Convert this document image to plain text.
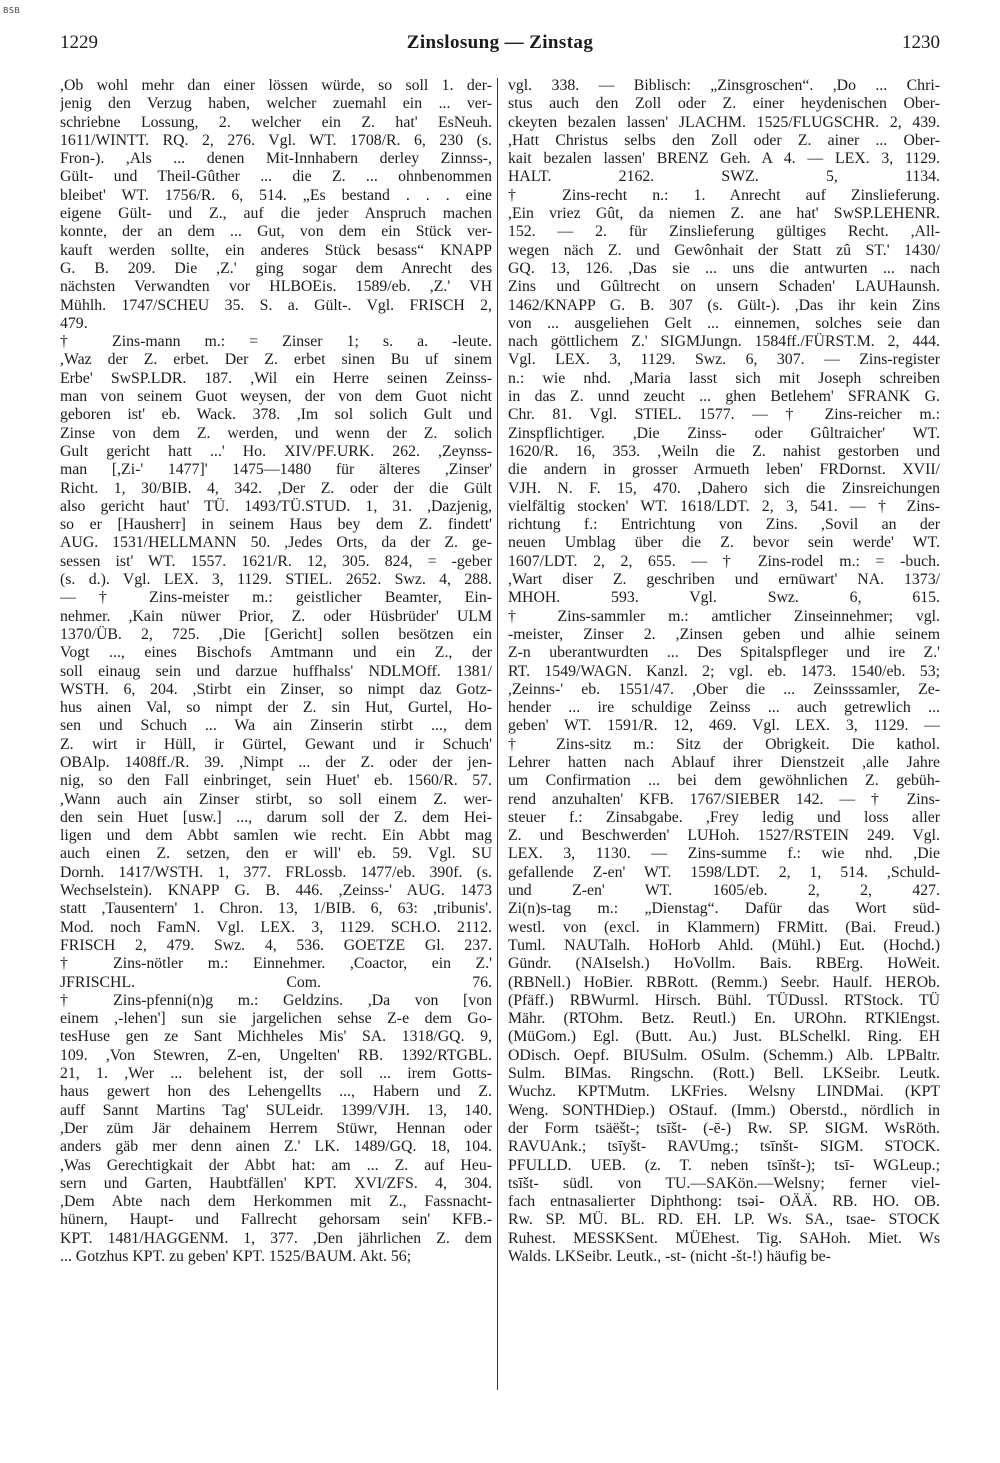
BSB
Zinslosung — Zinstag
1229	1230
,Ob wohl mehr dan einer lössen würde, so soll 1. der-
jenig den Verzug haben, welcher zuemahl ein ... ver-
schriebne Lossung, 2. welcher ein Z. hat' EsNeuh.
1611/WINTT. RQ. 2, 276. Vgl. WT. 1708/R. 6, 230 (s.
Fron-). ,Als ... denen Mit-Innhabern derley Zinnss-,
Gült- und Theil-Gûther ... die Z. ... ohnbenommen
bleibet' WT. 1756/R. 6, 514. „Es bestand . . . eine
eigene Gült- und Z., auf die jeder Anspruch machen
konnte, der an dem ... Gut, von dem ein Stück ver-
kauft werden sollte, ein anderes Stück besass“ KNAPP
G. B. 209. Die ,Z.' ging sogar dem Anrecht des
nächsten Verwandten vor HLBOEis. 1589/eb. ,Z.' VH
Mühlh. 1747/SCHEU 35. S. a. Gült-. Vgl. FRISCH 2,
479.
† Zins-mann m.: = Zinser 1; s. a. -leute.
,Waz der Z. erbet. Der Z. erbet sinen Bu uf sinem
Erbe' SwSP.LDR. 187. ,Wil ein Herre seinen Zeinss-
man von seinem Guot weysen, der von dem Guot nicht
geboren ist' eb. Wack. 378. ,Im sol solich Gult und
Zinse von dem Z. werden, und wenn der Z. solich
Gult gericht hatt ...' Ho. XIV/PF.URK. 262. ,Zeynss-
man [,Zi-' 1477]' 1475—1480 für älteres ,Zinser'
Richt. 1, 30/BIB. 4, 342. ,Der Z. oder der die Gült
also gericht haut' TÜ. 1493/TÜ.STUD. 1, 31. ,Dazjenig,
so er [Hausherr] in seinem Haus bey dem Z. findett'
AUG. 1531/HELLMANN 50. ,Jedes Orts, da der Z. ge-
sessen ist' WT. 1557. 1621/R. 12, 305. 824, = -geber
(s. d.). Vgl. LEX. 3, 1129. STIEL. 2652. Swz. 4, 288.
— † Zins-meister m.: geistlicher Beamter, Ein-
nehmer. ,Kain nüwer Prior, Z. oder Hüsbrüder' ULM
1370/ÜB. 2, 725. ,Die [Gericht] sollen besötzen ein
Vogt ..., eines Bischofs Amtmann und ein Z., der
soll einaug sein und darzue huffhalss' NDLMOff. 1381/
WSTH. 6, 204. ,Stirbt ein Zinser, so nimpt daz Gotz-
hus ainen Val, so nimpt der Z. sin Hut, Gurtel, Ho-
sen und Schuch ... Wa ain Zinserin stirbt ..., dem
Z. wirt ir Hüll, ir Gürtel, Gewant und ir Schuch'
OBAlp. 1408ff./R. 39. ,Nimpt ... der Z. oder der jen-
nig, so den Fall einbringet, sein Huet' eb. 1560/R. 57.
,Wann auch ain Zinser stirbt, so soll einem Z. wer-
den sein Huet [usw.] ..., darum soll der Z. dem Hei-
ligen und dem Abbt samlen wie recht. Ein Abbt mag
auch einen Z. setzen, den er will' eb. 59. Vgl. SU
Dornh. 1417/WSTH. 1, 377. FRLossb. 1477/eb. 390f. (s.
Wechselstein). KNAPP G. B. 446. ,Zeinss-' AUG. 1473
statt ,Tausentern' 1. Chron. 13, 1/BIB. 6, 63: ,tribunis'.
Mod. noch FamN. Vgl. LEX. 3, 1129. SCH.O. 2112.
FRISCH 2, 479. Swz. 4, 536. GOETZE Gl. 237.
† Zins-nötler m.: Einnehmer. ,Coactor, ein Z.'
JFRISCHL. Com. 76.
† Zins-pfenni(n)g m.: Geldzins. ,Da von [von
einem ,-lehen'] sun sie jargelichen sehse Z-e dem Go-
tesHuse gen ze Sant Michheles Mis' SA. 1318/GQ. 9,
109. ,Von Stewren, Z-en, Ungelten' RB. 1392/RTGBL.
21, 1. ,Wer ... belehent ist, der soll ... irem Gotts-
haus gewert hon des Lehengellts ..., Habern und Z.
auff Sannt Martins Tag' SULeidr. 1399/VJH. 13, 140.
,Der züm Jär dehainem Herrem Stüwr, Hennan oder
anders gäb mer denn ainen Z.' LK. 1489/GQ. 18, 104.
,Was Gerechtigkait der Abbt hat: am ... Z. auf Heu-
sern und Garten, Haubtfällen' KPT. XVI/ZFS. 4, 304.
,Dem Abte nach dem Herkommen mit Z., Fassnacht-
hünern, Haupt- und Fallrecht gehorsam sein' KFB.-
KPT. 1481/HAGGENM. 1, 377. ,Den jährlichen Z. dem
... Gotzhus KPT. zu geben' KPT. 1525/BAUM. Akt. 56;
vgl. 338. — Biblisch: „Zinsgroschen“. ,Do ... Chri-
stus auch den Zoll oder Z. einer heydenischen Ober-
ckeyten bezalen lassen' JLACHM. 1525/FLUGSCHR. 2, 439.
,Hatt Christus selbs den Zoll oder Z. ainer ... Ober-
kait bezalen lassen' BRENZ Geh. A 4. — LEX. 3, 1129.
HALT. 2162. SWZ. 5, 1134.
† Zins-recht n.: 1. Anrecht auf Zinslieferung.
,Ein vriez Gût, da niemen Z. ane hat' SwSP.LEHENR.
152. — 2. für Zinslieferung gültiges Recht. ,All-
wegen näch Z. und Gewônhait der Statt zû ST.' 1430/
GQ. 13, 126. ,Das sie ... uns die antwurten ... nach
Zins und Gûltrecht on unsern Schaden' LAUHaunsh.
1462/KNAPP G. B. 307 (s. Gült-). ,Das ihr kein Zins
von ... ausgeliehen Gelt ... einnemen, solches seie dan
nach göttlichem Z.' SIGMJungn. 1584ff./FÜRST.M. 2, 444.
Vgl. LEX. 3, 1129. Swz. 6, 307. — Zins-register
n.: wie nhd. ,Maria lasst sich mit Joseph schreiben
in das Z. unnd zeucht ... ghen Betlehem' SFRANK G.
Chr. 81. Vgl. STIEL. 1577. — † Zins-reicher m.:
Zinspflichtiger. ,Die Zinss- oder Gûltraicher' WT.
1620/R. 16, 353. ,Weiln die Z. nahist gestorben und
die andern in grosser Armueth leben' FRDornst. XVII/
VJH. N. F. 15, 470. ,Dahero sich die Zinsreichungen
vielfältig stocken' WT. 1618/LDT. 2, 3, 541. — † Zins-
richtung f.: Entrichtung von Zins. ,Sovil an der
neuen Umblag über die Z. bevor sein werde' WT.
1607/LDT. 2, 2, 655. — † Zins-rodel m.: = -buch.
,Wart diser Z. geschriben und ernüwart' NA. 1373/
MHOH. 593. Vgl. Swz. 6, 615.
† Zins-sammler m.: amtlicher Zinseinnehmer; vgl.
-meister, Zinser 2. ,Zinsen geben und alhie seinem
Z-n uberantwurdten ... Des Spitalspfleger und ire Z.'
RT. 1549/WAGN. Kanzl. 2; vgl. eb. 1473. 1540/eb. 53;
,Zeinns-' eb. 1551/47. ,Ober die ... Zeinsssamler, Ze-
hender ... ire schuldige Zeinss ... auch getrewlich ...
geben' WT. 1591/R. 12, 469. Vgl. LEX. 3, 1129. —
† Zins-sitz m.: Sitz der Obrigkeit. Die kathol.
Lehrer hatten nach Ablauf ihrer Dienstzeit ,alle Jahre
um Confirmation ... bei dem gewöhnlichen Z. gebüh-
rend anzuhalten' KFB. 1767/SIEBER 142. — † Zins-
steuer f.: Zinsabgabe. ,Frey ledig und loss aller
Z. und Beschwerden' LUHoh. 1527/RSTEIN 249. Vgl.
LEX. 3, 1130. — Zins-summe f.: wie nhd. ,Die
gefallende Z-en' WT. 1598/LDT. 2, 1, 514. ,Schuld-
und Z-en' WT. 1605/eb. 2, 2, 427.
Zi(n)s-tag m.: „Dienstag“. Dafür das Wort süd-
westl. von (excl. in Klammern) FRMitt. (Bai. Freud.)
Tuml. NAUTalh. HoHorb Ahld. (Mühl.) Eut. (Hochd.)
Gündr. (NAIselsh.) HoVollm. Bais. RBErg. HoWeit.
(RBNell.) HoBier. RBRott. (Remm.) Seebr. Haulf. HEROb.
(Pfäff.) RBWurml. Hirsch. Bühl. TÜDussl. RTStock. TÜ
Mähr. (RTOhm. Betz. Reutl.) En. UROhn. RTKlEngst.
(MüGom.) Egl. (Butt. Au.) Just. BLSchelkl. Ring. EH
ODisch. Oepf. BIUSulm. OSulm. (Schemm.) Alb. LPBaltr.
Sulm. BIMas. Ringschn. (Rott.) Bell. LKSeibr. Leutk.
Wuchz. KPTMutm. LKFries. Welsny LINDMai. (KPT
Weng. SONTHDiep.) OStauf. (Imm.) Oberstd., nördlich in
der Form tsäëšt-; tsīšt- (-ē-) Rw. SP. SIGM. WsRöth.
RAVUAnk.; tsīyšt- RAVUmg.; tsīnšt- SIGM. STOCK.
PFULLD. UEB. (z. T. neben tsīnšt-); tsī- WGLeup.;
tsīšt- südl. von TU.—SAKön.—Welsny; ferner viel-
fach entnasalierter Diphthong: tsəi- OÄÄ. RB. HO. OB.
Rw. SP. MÜ. BL. RD. EH. LP. Ws. SA., tsae- STOCK
Ruhest. MESSKSent. MÜEhest. Tig. SAHoh. Miet. Ws
Walds. LKSeibr. Leutk., -st- (nicht -št-!) häufig be-
